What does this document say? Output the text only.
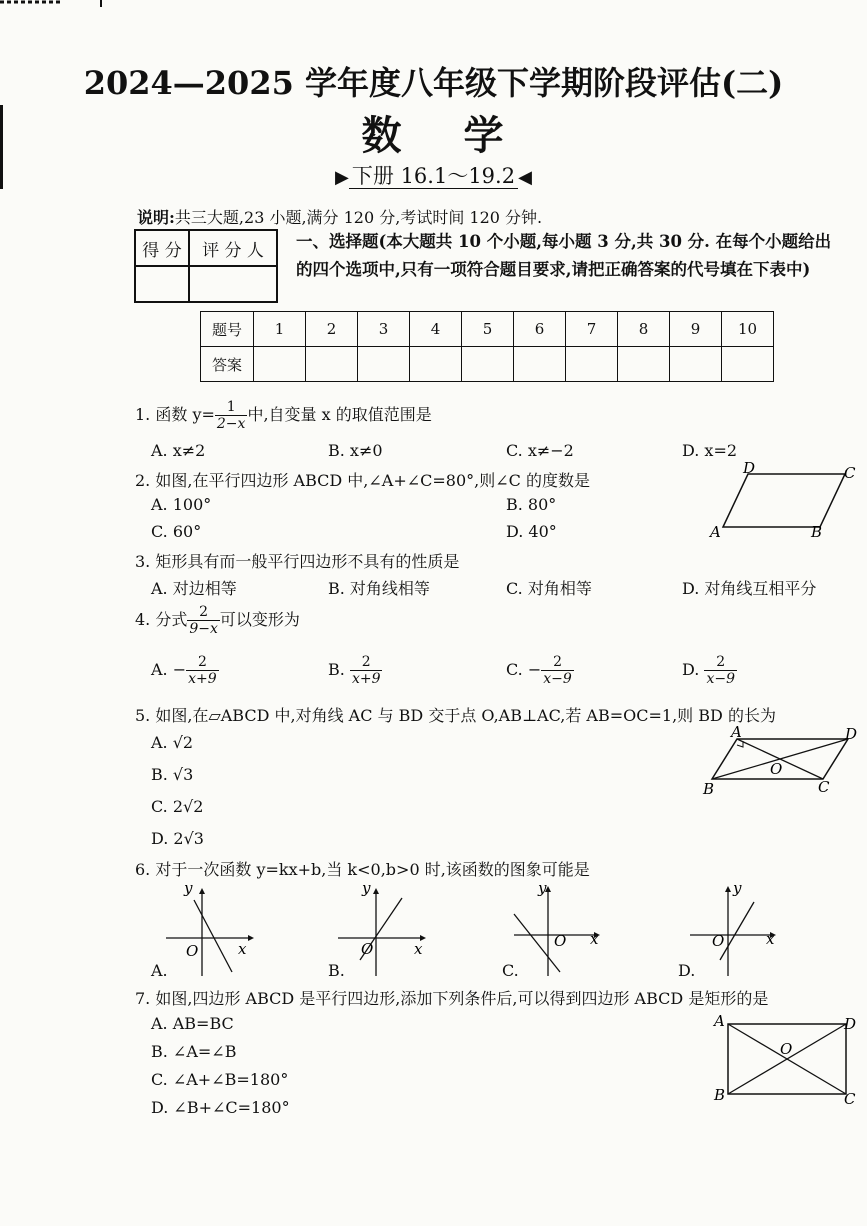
2024—2025 学年度八年级下学期阶段评估(二)
数学
▶ 下册 16.1～19.2 ◀
说明:共三大题,23 小题,满分 120 分,考试时间 120 分钟.
得 分	评 分 人
	一、选择题(本大题共 10 个小题,每小题 3 分,共 30 分. 在每个小题给出的四个选项中,只有一项符合题目要求,请把正确答案的代号填在下表中)
题号	1	2	3	4	5	6	7	8	9	10
答案										
1. 函数 $y= \frac{1}{2-x}$ 中,自变量 x 的取值范围是
A. x≠2	B. x≠0	C. x≠−2	D. x=2
2. 如图,在平行四边形 ABCD 中,∠A+∠C=80°,则∠C 的度数是
A. 100°	B. 80°
C. 60°	D. 40°
D	C
A	B
3. 矩形具有而一般平行四边形不具有的性质是
A. 对边相等	B. 对角线相等	C. 对角相等	D. 对角线互相平分
4. 分式 $\frac{2}{9-x}$ 可以变形为
A. − $\frac{2}{x+9}$	B. $\frac{2}{x+9}$	C. − $\frac{2}{x-9}$	D. $\frac{2}{x-9}$
5. 如图,在▱ABCD 中,对角线 AC 与 BD 交于点 O,AB⊥AC,若 AB=OC=1,则 BD 的长为
A. √2
B. √3
C. 2√2
D. 2√3
A	D
B	C
O
6. 对于一次函数 y=kx+b,当 k<0,b>0 时,该函数的图象可能是
A.	B.	C.	D.
y
x
O
y
x
O
y
x
O
y
x
O
7. 如图,四边形 ABCD 是平行四边形,添加下列条件后,可以得到四边形 ABCD 是矩形的是
A. AB=BC
B. ∠A=∠B
C. ∠A+∠B=180°
D. ∠B+∠C=180°
A	D
B	C
O
